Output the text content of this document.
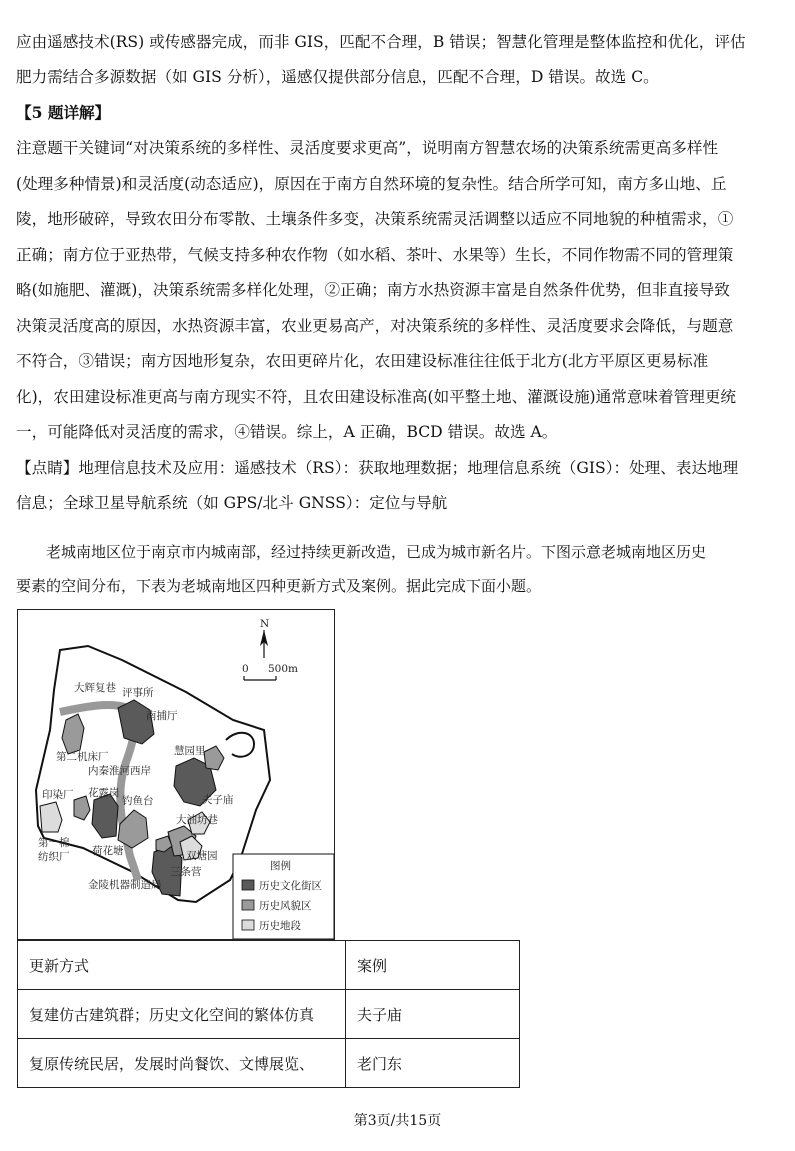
应由遥感技术(RS) 或传感器完成，而非 GIS，匹配不合理，B 错误；智慧化管理是整体监控和优化，评估

肥力需结合多源数据（如 GIS 分析），遥感仅提供部分信息，匹配不合理，D 错误。故选 C。

【5 题详解】

注意题干关键词“对决策系统的多样性、灵活度要求更高”，说明南方智慧农场的决策系统需更高多样性

(处理多种情景)和灵活度(动态适应)，原因在于南方自然环境的复杂性。结合所学可知，南方多山地、丘

陵，地形破碎，导致农田分布零散、土壤条件多变，决策系统需灵活调整以适应不同地貌的种植需求，①

正确；南方位于亚热带，气候支持多种农作物（如水稻、茶叶、水果等）生长，不同作物需不同的管理策

略(如施肥、灌溉)，决策系统需多样化处理，②正确；南方水热资源丰富是自然条件优势，但非直接导致

决策灵活度高的原因，水热资源丰富，农业更易高产，对决策系统的多样性、灵活度要求会降低，与题意

不符合，③错误；南方因地形复杂，农田更碎片化，农田建设标准往往低于北方(北方平原区更易标准

化)，农田建设标准更高与南方现实不符，且农田建设标准高(如平整土地、灌溉设施)通常意味着管理更统

一，可能降低对灵活度的需求，④错误。综上，A 正确，BCD 错误。故选 A。

【点睛】地理信息技术及应用：遥感技术（RS）：获取地理数据；地理信息系统（GIS）：处理、表达地理

信息；全球卫星导航系统（如 GPS/北斗 GNSS）：定位与导航

　　老城南地区位于南京市内城南部，经过持续更新改造，已成为城市新名片。下图示意老城南地区历史

要素的空间分布，下表为老城南地区四种更新方式及案例。据此完成下面小题。

大辉复巷 评事所
南捕厅
慧园里
第二机床厂
内秦淮河西岸
印染厂 花露岗
钓鱼台	夫子庙
大油坊巷
第一棉
纺织厂 荷花塘	双塘园
三条营
金陵机器制造局
N
0 500m
图例
历史文化街区
历史风貌区
历史地段
更新方式	案例
复建仿古建筑群；历史文化空间的繁体仿真	夫子庙
复原传统民居，发展时尚餐饮、文博展览、	老门东
第3页/共15页
